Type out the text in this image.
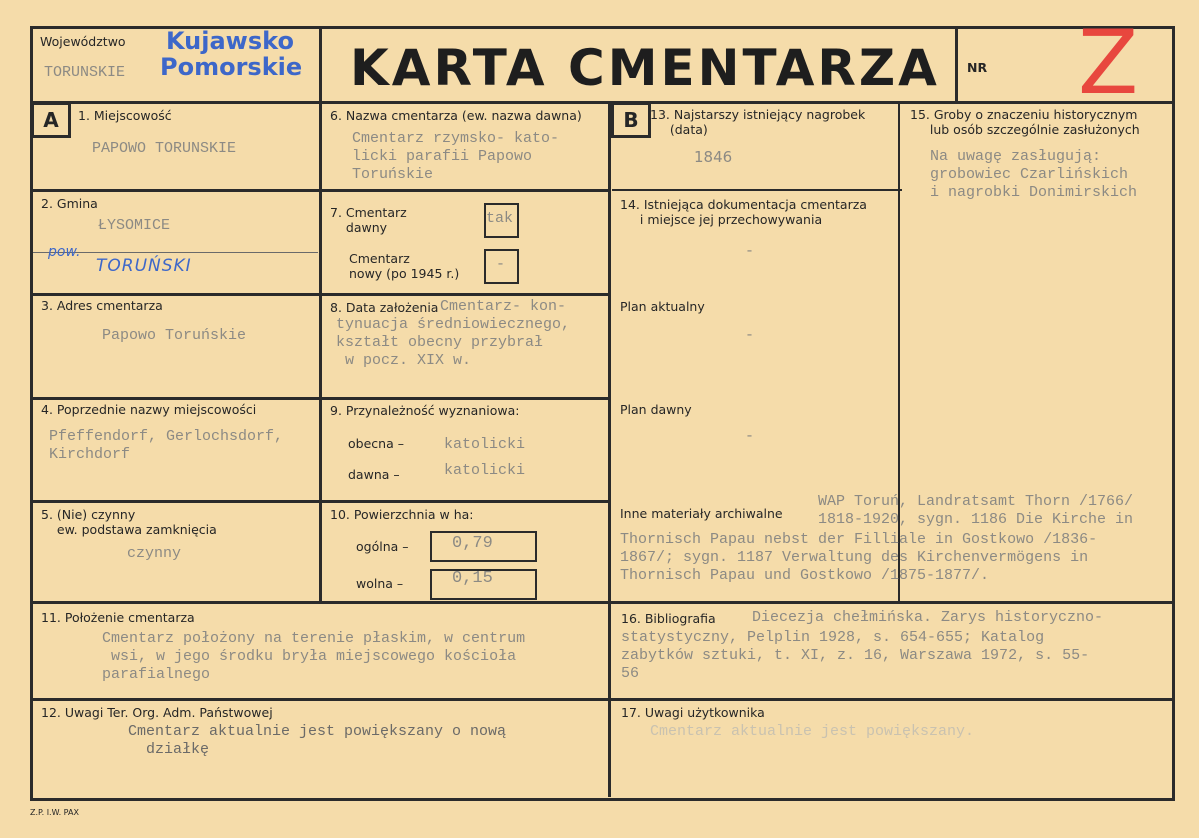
Województwo
TORUNSKIE
Kujawsko
Pomorskie KARTA CMENTARZA NR Z
A	1. Miejscowość
PAPOWO TORUNSKIE
2. Gmina
ŁYSOMICE
pow.
TORUŃSKI
3. Adres cmentarza
Papowo Toruńskie
4. Poprzednie nazwy miejscowości
Pfeffendorf, Gerlochsdorf,
Kirchdorf
5. (Nie) czynny
ew. podstawa zamknięcia
czynny
6. Nazwa cmentarza (ew. nazwa dawna)
Cmentarz rzymsko- kato-
licki parafii Papowo
Toruńskie
7. Cmentarz
dawny
tak
Cmentarz
nowy (po 1945 r.)
-
8. Data założenia Cmentarz- kon-
tynuacja średniowiecznego,
kształt obecny przybrał
w pocz. XIX w.
9. Przynależność wyznaniowa:
obecna –	katolicki
dawna –	katolicki
10. Powierzchnia w ha:
ogólna –	0,79
wolna –	0,15
11. Położenie cmentarza
Cmentarz położony na terenie płaskim, w centrum
wsi, w jego środku bryła miejscowego kościoła
parafialnego
12. Uwagi Ter. Org. Adm. Państwowej
Cmentarz aktualnie jest powiększany o nową
działkę
B 13. Najstarszy istniejący nagrobek
(data)
1846
14. Istniejąca dokumentacja cmentarza
i miejsce jej przechowywania
-
Plan aktualny
-
Plan dawny
-
Inne materiały archiwalne
WAP Toruń, Landratsamt Thorn /1766/
1818-1920, sygn. 1186 Die Kirche in
Thornisch Papau nebst der Filliale in Gostkowo /1836-
1867/; sygn. 1187 Verwaltung des Kirchenvermögens in
Thornisch Papau und Gostkowo /1875-1877/.
15. Groby o znaczeniu historycznym
lub osób szczególnie zasłużonych
Na uwagę zasługują:
grobowiec Czarlińskich
i nagrobki Donimirskich
16. Bibliografia Diecezja chełmińska. Zarys historyczno-
statystyczny, Pelplin 1928, s. 654-655; Katalog
zabytków sztuki, t. XI, z. 16, Warszawa 1972, s. 55-
56
17. Uwagi użytkownika
Cmentarz aktualnie jest powiększany.
Z.P. I.W. PAX
